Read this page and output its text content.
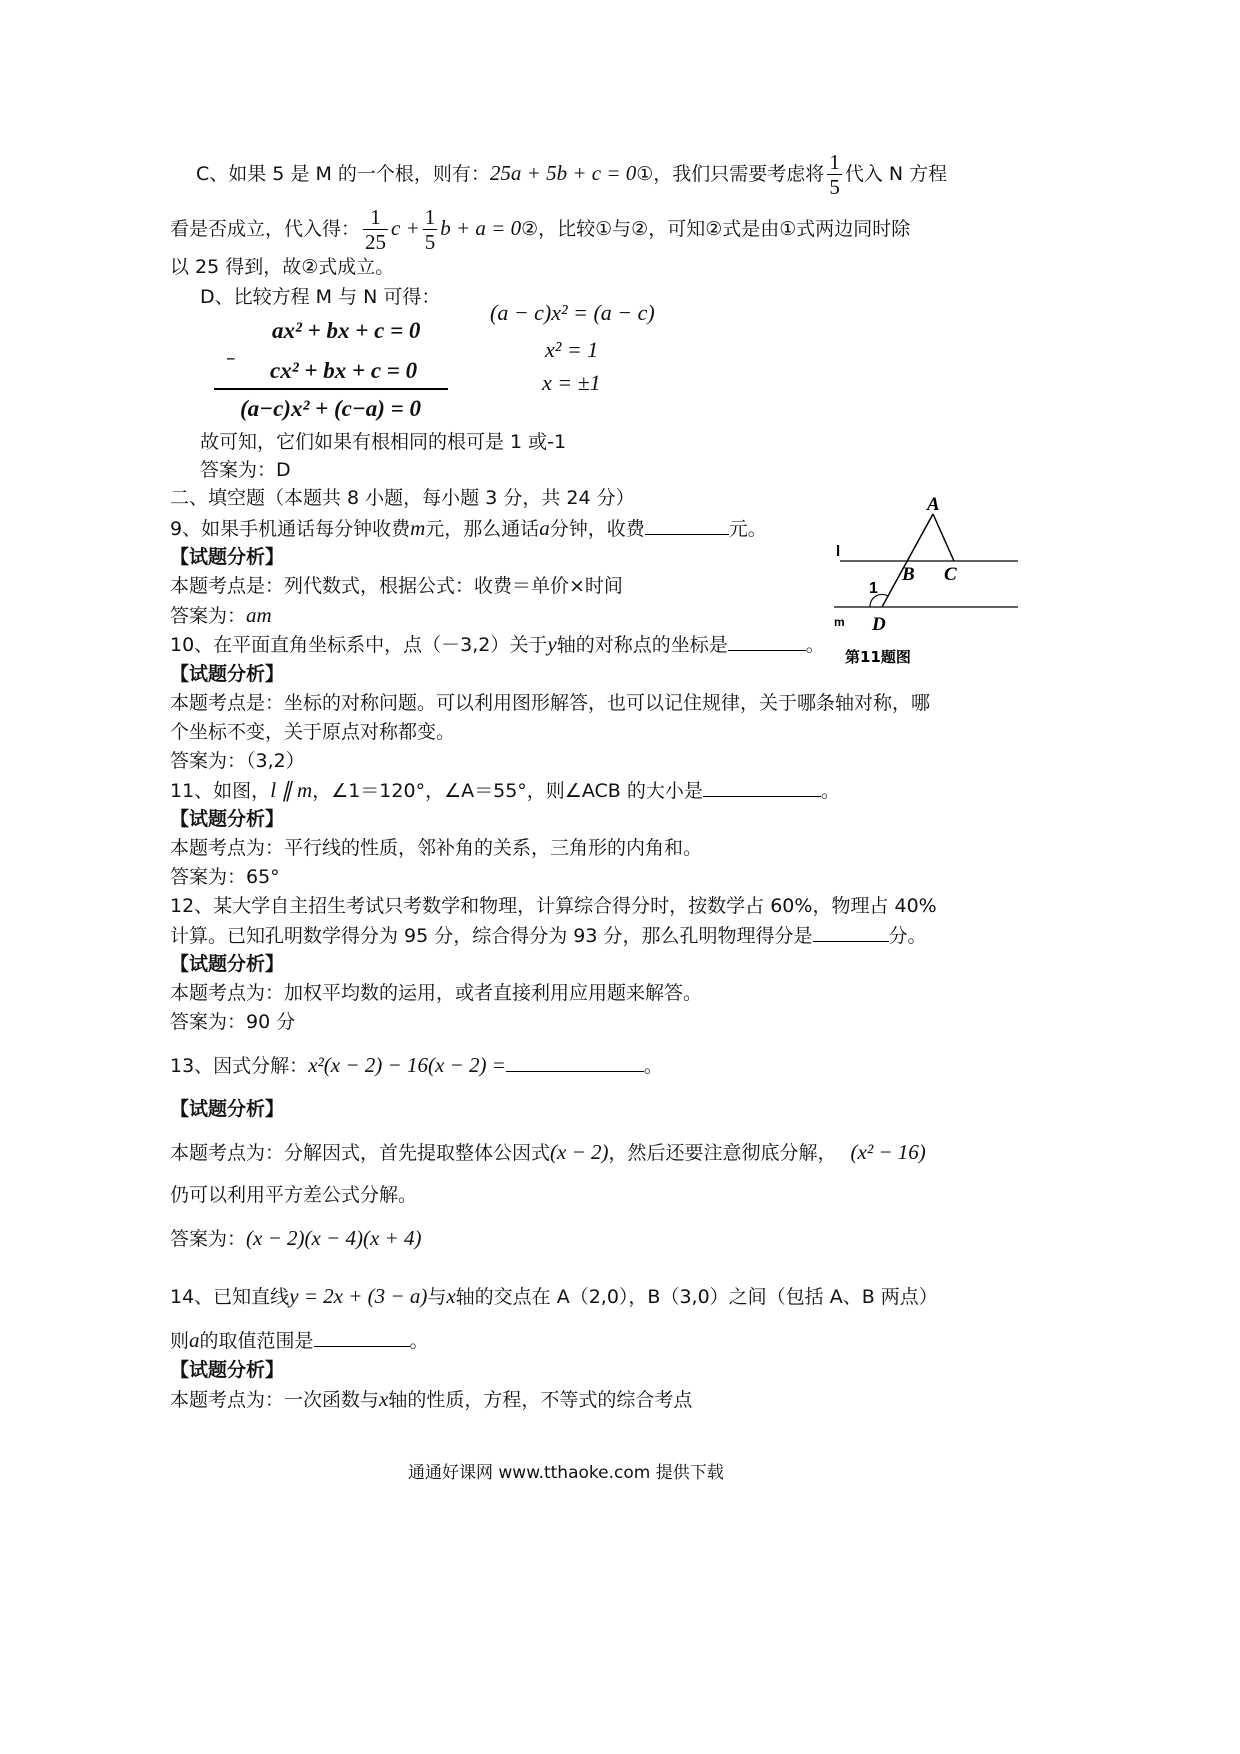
C、如果 5 是 M 的一个根，则有：25a + 5b + c = 0①，我们只需要考虑将 $\frac{1}{5}$ 代入 N 方程
看是否成立，代入得： $\frac{1}{25}$ $c + \frac{1}{5}$ b + a = 0②，比较①与②，可知②式是由①式两边同时除
以 25 得到，故②式成立。
D、比较方程 M 与 N 可得：
ax² + bx + c = 0
– cx² + bx + c = 0
(a−c)x² + (c−a) = 0
(a − c)x² = (a − c)
x² = 1
x = ±1
故可知，它们如果有根相同的根可是 1 或-1
答案为：D
二、填空题（本题共 8 小题，每小题 3 分，共 24 分）
9、如果手机通话每分钟收费m元，那么通话a分钟，收费	元。
【试题分析】
本题考点是：列代数式，根据公式：收费＝单价×时间
答案为：am
10、在平面直角坐标系中，点（－3,2）关于y轴的对称点的坐标是	。
【试题分析】
本题考点是：坐标的对称问题。可以利用图形解答，也可以记住规律，关于哪条轴对称，哪
个坐标不变，关于原点对称都变。
答案为：（3,2）
A
B C
D
l
m
1
第11题图
11、如图，l ∥ m，∠1＝120°，∠A＝55°，则∠ACB 的大小是	。
【试题分析】
本题考点为：平行线的性质，邻补角的关系，三角形的内角和。
答案为：65°
12、某大学自主招生考试只考数学和物理，计算综合得分时，按数学占 60%，物理占 40%
计算。已知孔明数学得分为 95 分，综合得分为 93 分，那么孔明物理得分是	分。
【试题分析】
本题考点为：加权平均数的运用，或者直接利用应用题来解答。
答案为：90 分
13、因式分解：x²(x − 2) − 16(x − 2) =	。
【试题分析】
本题考点为：分解因式，首先提取整体公因式(x − 2)，然后还要注意彻底分解， (x² − 16)
仍可以利用平方差公式分解。
答案为：(x − 2)(x − 4)(x + 4)
14、已知直线y = 2x + (3 − a)与x轴的交点在 A（2,0），B（3,0）之间（包括 A、B 两点）
则a的取值范围是	。
【试题分析】
本题考点为：一次函数与x轴的性质，方程，不等式的综合考点
通通好课网 www.tthaoke.com 提供下载
